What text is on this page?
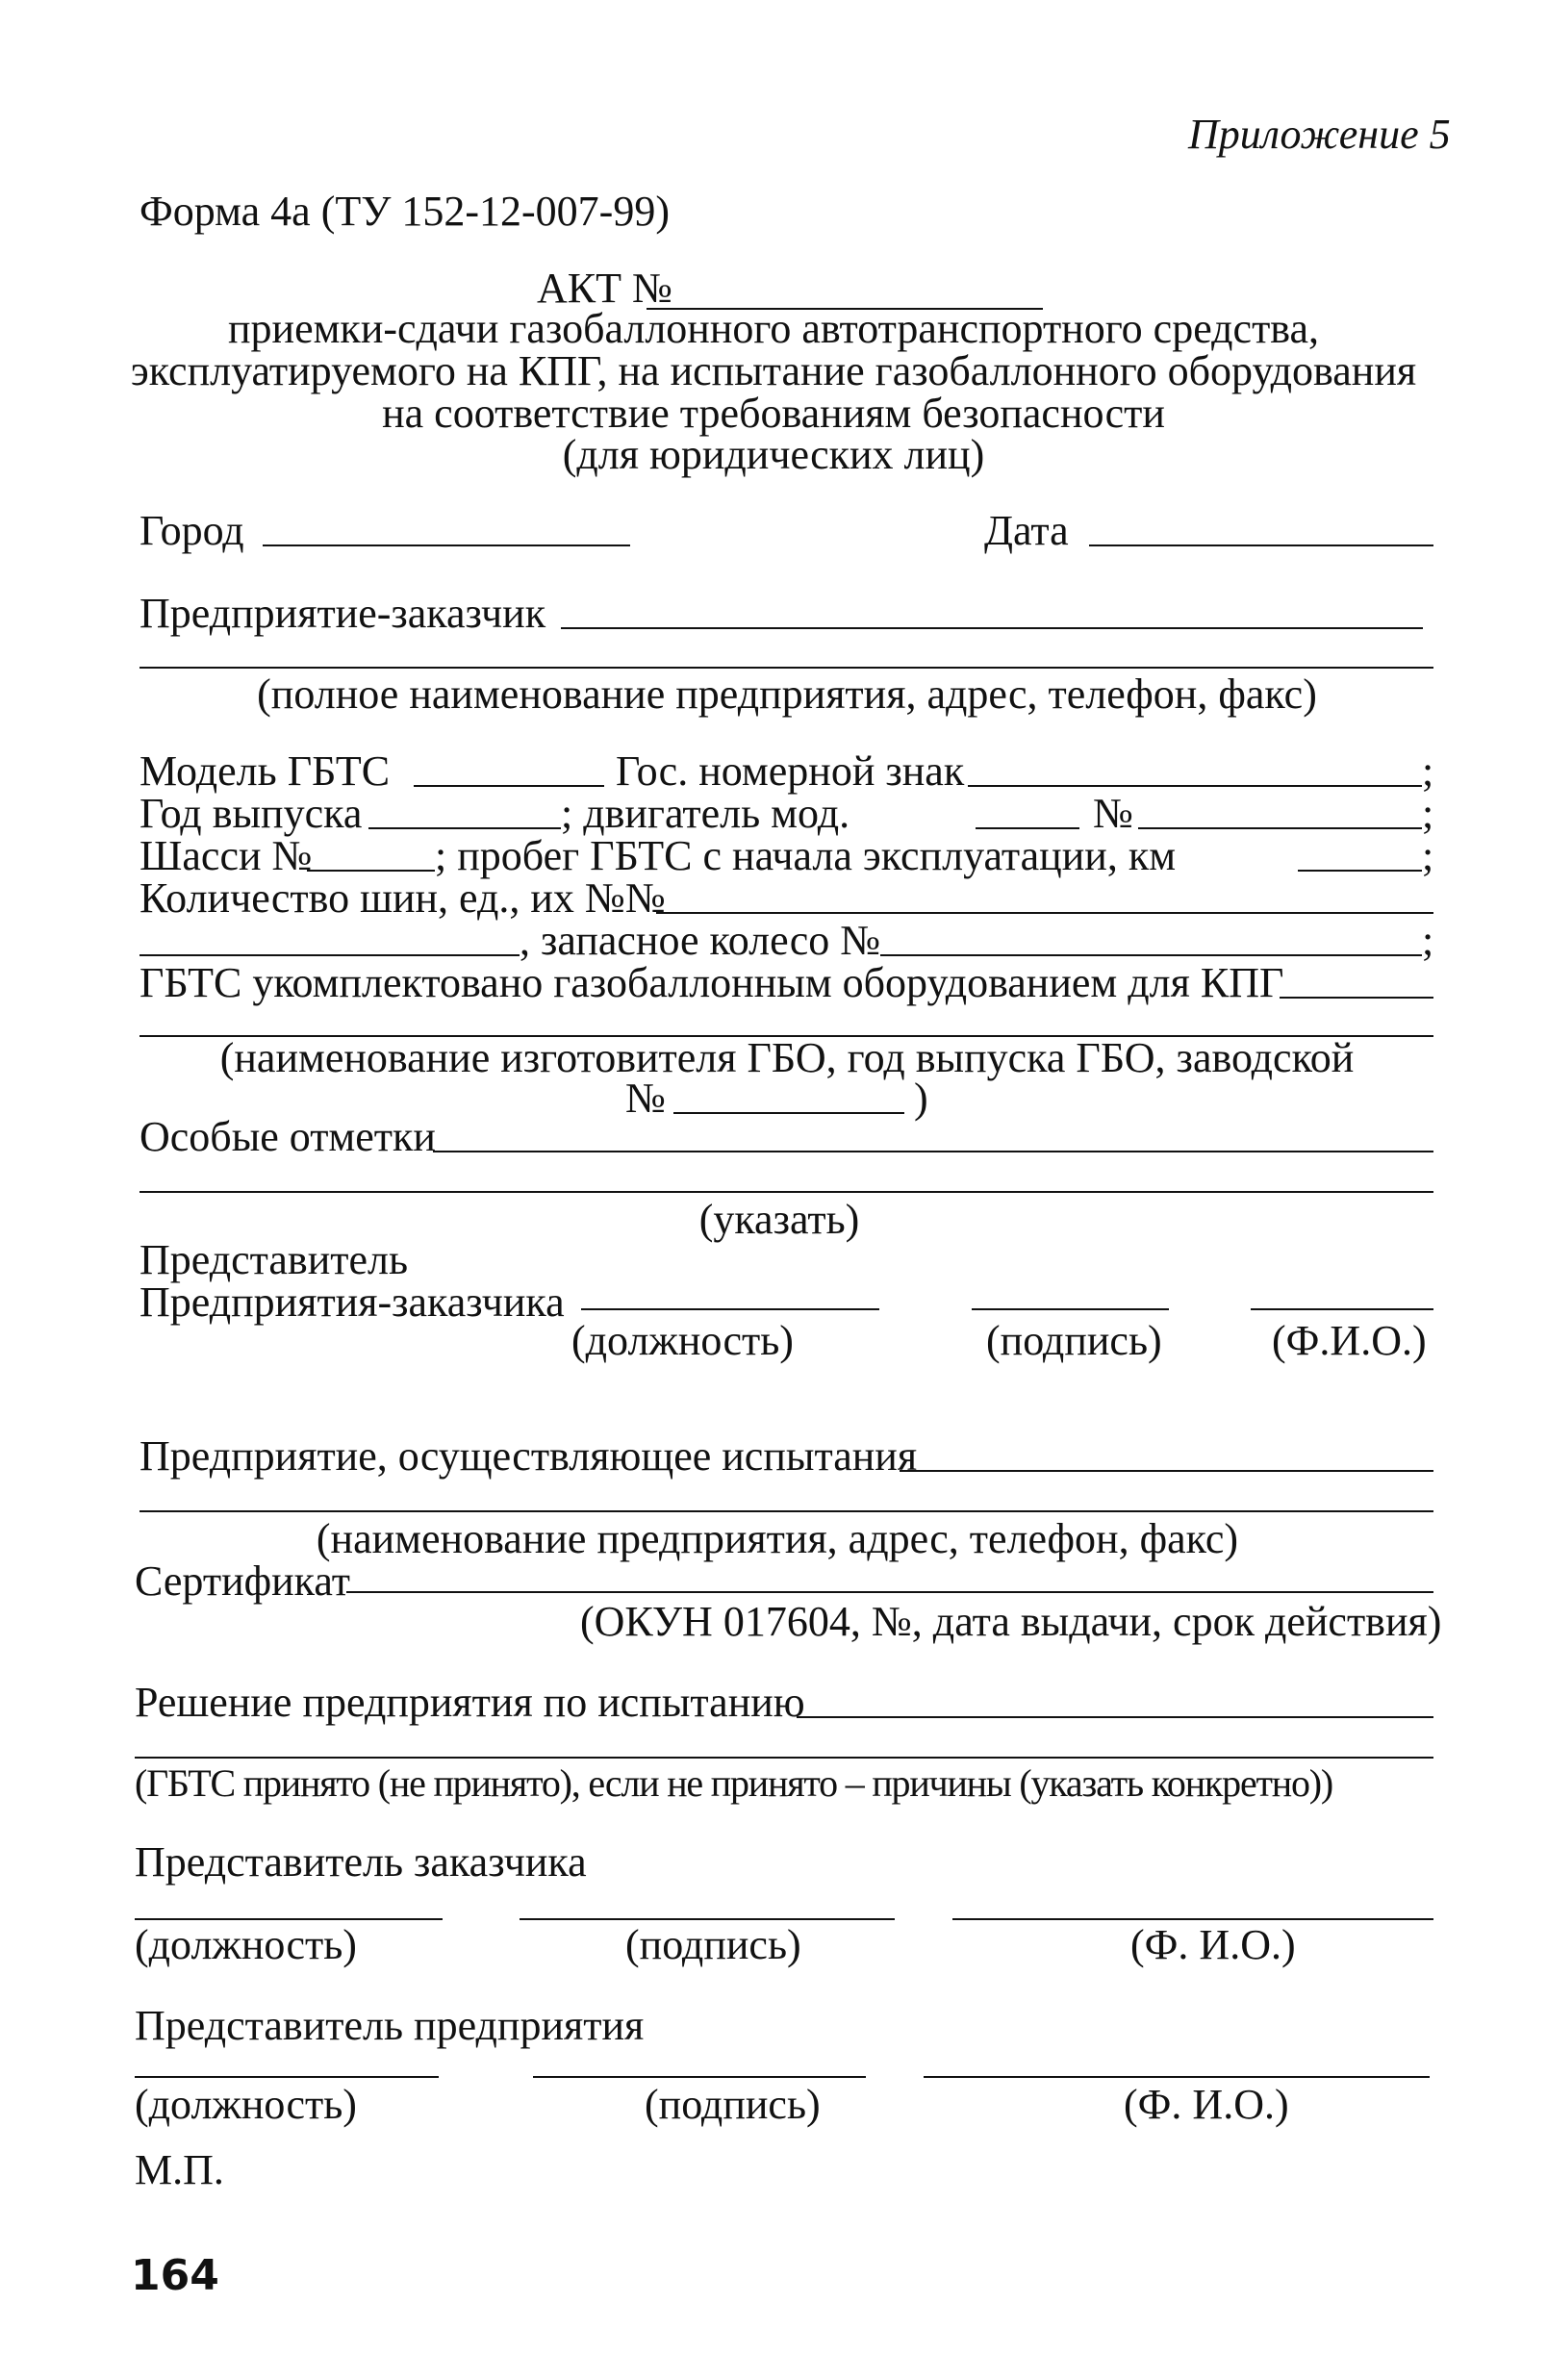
Приложение 5
Форма 4а (ТУ 152-12-007-99)
АКТ №
приемки-сдачи газобаллонного автотранспортного средства,
эксплуатируемого на КПГ, на испытание газобаллонного оборудования
на соответствие требованиям безопасности
(для юридических лиц)
Город	Дата
Предприятие-заказчик
(полное наименование предприятия, адрес, телефон, факс)
Модель ГБТС	Гос. номерной знак	;
Год выпуска	; двигатель мод.	№	;
Шасси №	; пробег ГБТС с начала эксплуатации, км	;
Количество шин, ед., их №№
, запасное колесо №	;
ГБТС укомплектовано газобаллонным оборудованием для КПГ
(наименование изготовителя ГБО, год выпуска ГБО, заводской
№	)
Особые отметки
(указать)
Представитель
Предприятия-заказчика
(должность)	(подпись)	(Ф.И.О.)
Предприятие, осуществляющее испытания
(наименование предприятия, адрес, телефон, факс)
Сертификат
(ОКУН 017604, №, дата выдачи, срок действия)
Решение предприятия по испытанию
(ГБТС принято (не принято), если не принято – причины (указать конкретно))
Представитель заказчика
(должность)	(подпись)	(Ф. И.О.)
Представитель предприятия
(должность)	(подпись)	(Ф. И.О.)
М.П.
164
